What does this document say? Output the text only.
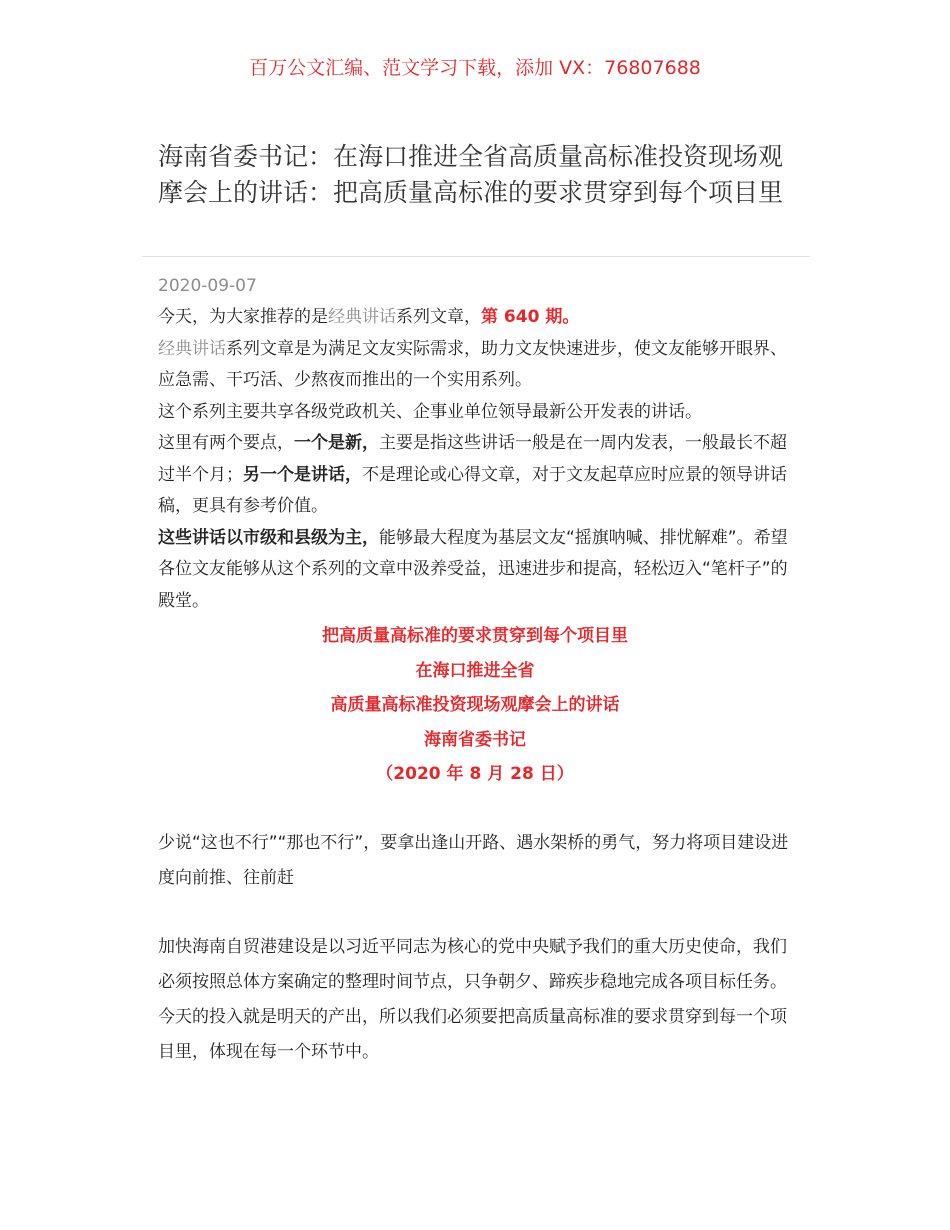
百万公文汇编、范文学习下载，添加 VX：76807688
海南省委书记：在海口推进全省高质量高标准投资现场观摩会上的讲话：把高质量高标准的要求贯穿到每个项目里
2020-09-07

今天，为大家推荐的是经典讲话系列文章，第 640 期。

经典讲话系列文章是为满足文友实际需求，助力文友快速进步，使文友能够开眼界、应急需、干巧活、少熬夜而推出的一个实用系列。

这个系列主要共享各级党政机关、企事业单位领导最新公开发表的讲话。

这里有两个要点，一个是新，主要是指这些讲话一般是在一周内发表，一般最长不超过半个月；另一个是讲话，不是理论或心得文章，对于文友起草应时应景的领导讲话稿，更具有参考价值。

这些讲话以市级和县级为主，能够最大程度为基层文友“摇旗呐喊、排忧解难”。希望各位文友能够从这个系列的文章中汲养受益，迅速进步和提高，轻松迈入“笔杆子”的殿堂。

把高质量高标准的要求贯穿到每个项目里
在海口推进全省
高质量高标准投资现场观摩会上的讲话
海南省委书记
（2020 年 8 月 28 日）

少说“这也不行”“那也不行”，要拿出逢山开路、遇水架桥的勇气，努力将项目建设进度向前推、往前赶

加快海南自贸港建设是以习近平同志为核心的党中央赋予我们的重大历史使命，我们必须按照总体方案确定的整理时间节点，只争朝夕、蹄疾步稳地完成各项目标任务。今天的投入就是明天的产出，所以我们必须要把高质量高标准的要求贯穿到每一个项目里，体现在每一个环节中。
